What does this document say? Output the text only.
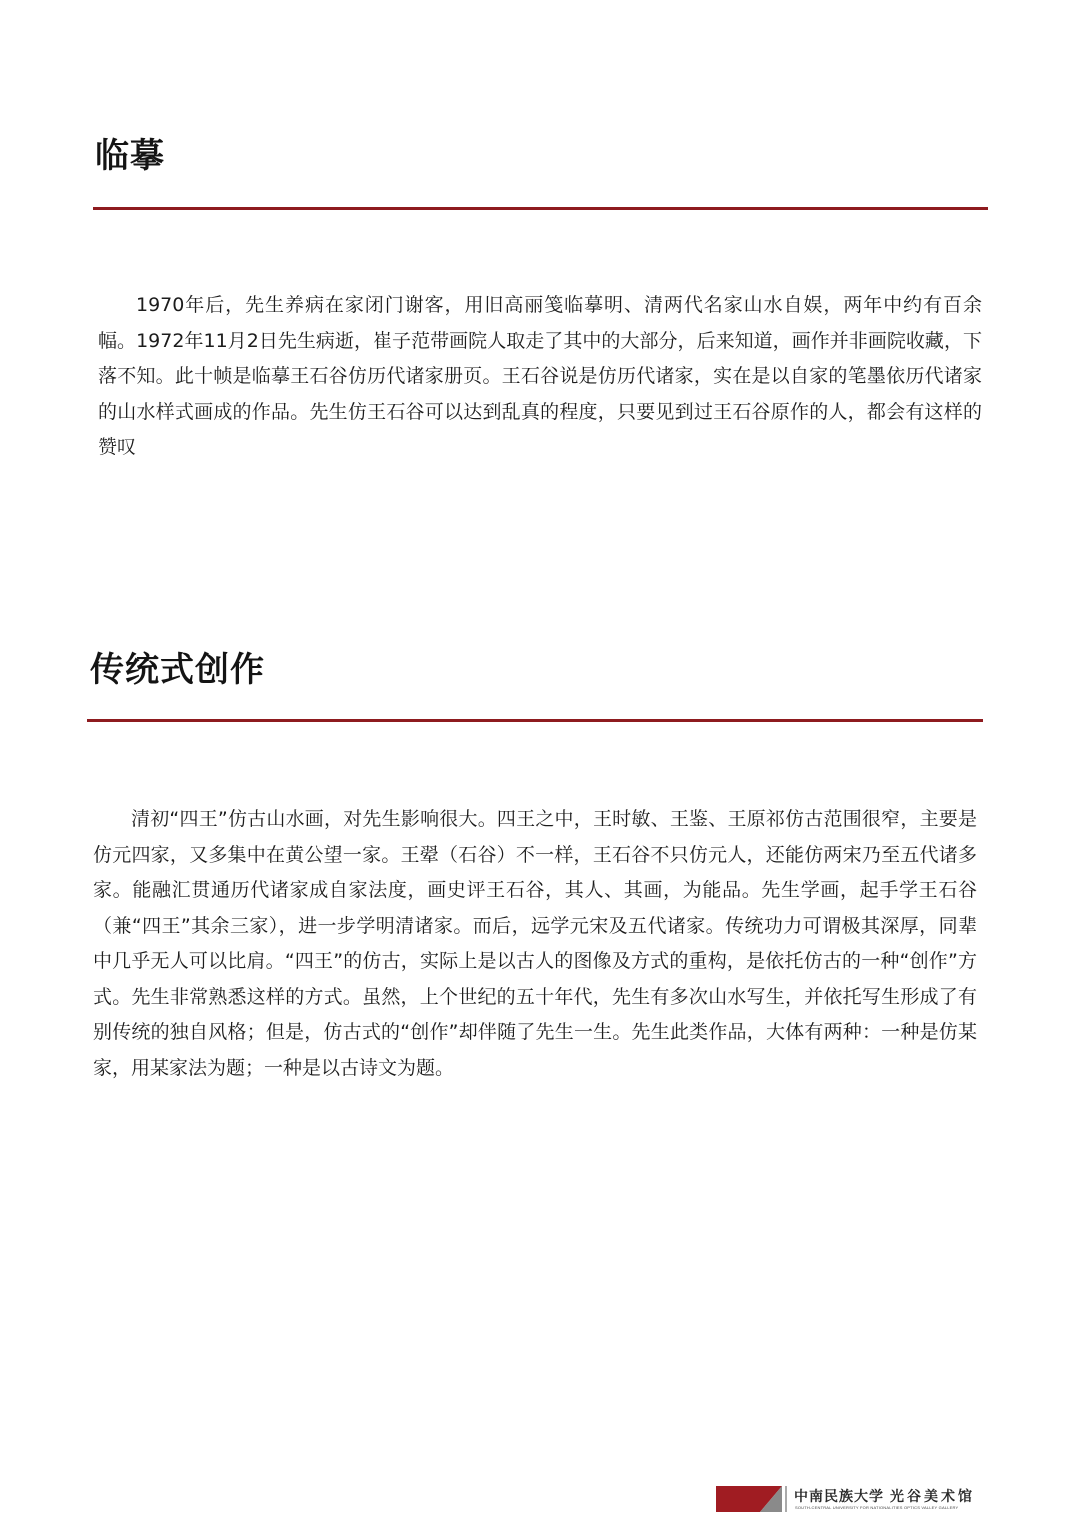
临摹

1970年后，先生养病在家闭门谢客，用旧高丽笺临摹明、清两代名家山水自娱，两年中约有百余幅。1972年11月2日先生病逝，崔子范带画院人取走了其中的大部分，后来知道，画作并非画院收藏，下落不知。此十帧是临摹王石谷仿历代诸家册页。王石谷说是仿历代诸家，实在是以自家的笔墨依历代诸家的山水样式画成的作品。先生仿王石谷可以达到乱真的程度，只要见到过王石谷原作的人，都会有这样的赞叹

传统式创作

清初“四王”仿古山水画，对先生影响很大。四王之中，王时敏、王鉴、王原祁仿古范围很窄，主要是仿元四家，又多集中在黄公望一家。王翚（石谷）不一样，王石谷不只仿元人，还能仿两宋乃至五代诸多家。能融汇贯通历代诸家成自家法度，画史评王石谷，其人、其画，为能品。先生学画，起手学王石谷（兼“四王”其余三家），进一步学明清诸家。而后，远学元宋及五代诸家。传统功力可谓极其深厚，同辈中几乎无人可以比肩。“四王”的仿古，实际上是以古人的图像及方式的重构，是依托仿古的一种“创作”方式。先生非常熟悉这样的方式。虽然，上个世纪的五十年代，先生有多次山水写生，并依托写生形成了有别传统的独自风格；但是，仿古式的“创作”却伴随了先生一生。先生此类作品，大体有两种：一种是仿某家，用某家法为题；一种是以古诗文为题。

中南民族大学 光谷美术馆
SOUTH-CENTRAL UNIVERSITY FOR NATIONALITIES OPTICS VALLEY GALLERY
